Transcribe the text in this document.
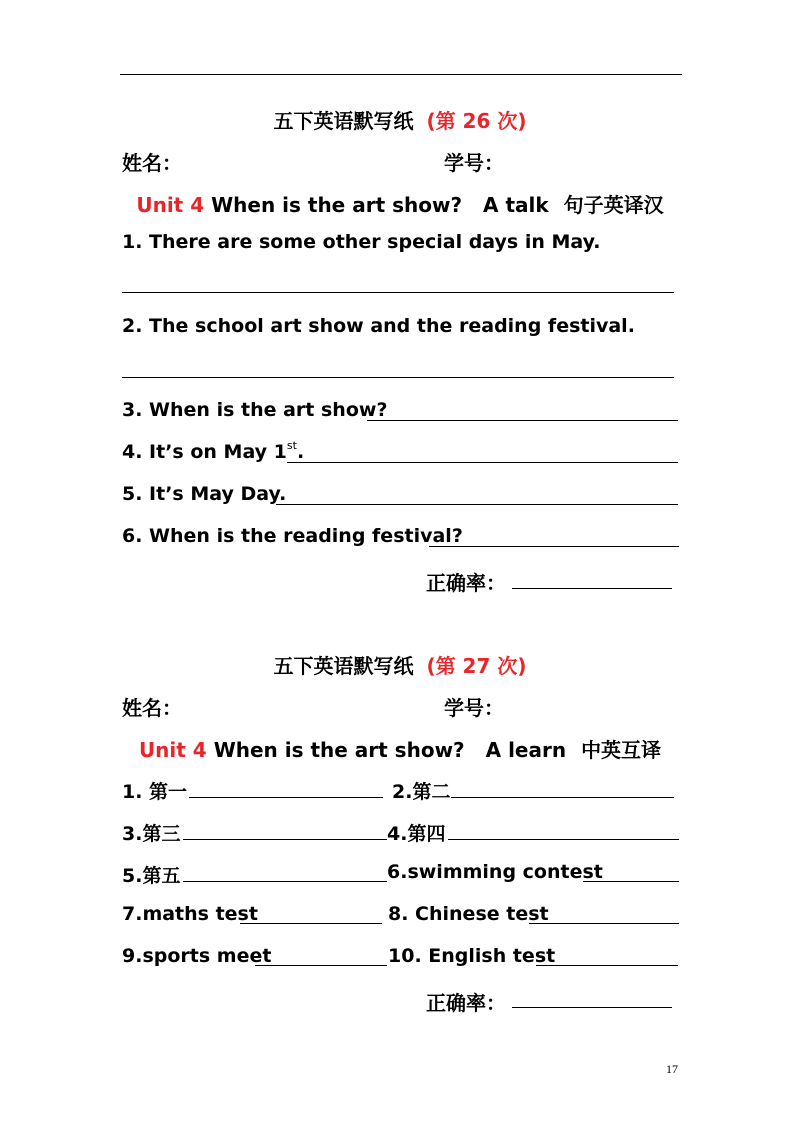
五下英语默写纸 (第 26 次)
姓名：	学号：
Unit 4 When is the art show? A talk 句子英译汉
1. There are some other special days in May.
2. The school art show and the reading festival.
3. When is the art show?
4. It’s on May 1st.
5. It’s May Day.
6. When is the reading festival?
正确率：
五下英语默写纸 (第 27 次)
姓名：	学号：
Unit 4 When is the art show? A learn 中英互译
1. 第一	2.第二
3.第三	4.第四
5.第五	6.swimming contest
7.maths test	8. Chinese test
9.sports meet	10. English test
正确率：
17
